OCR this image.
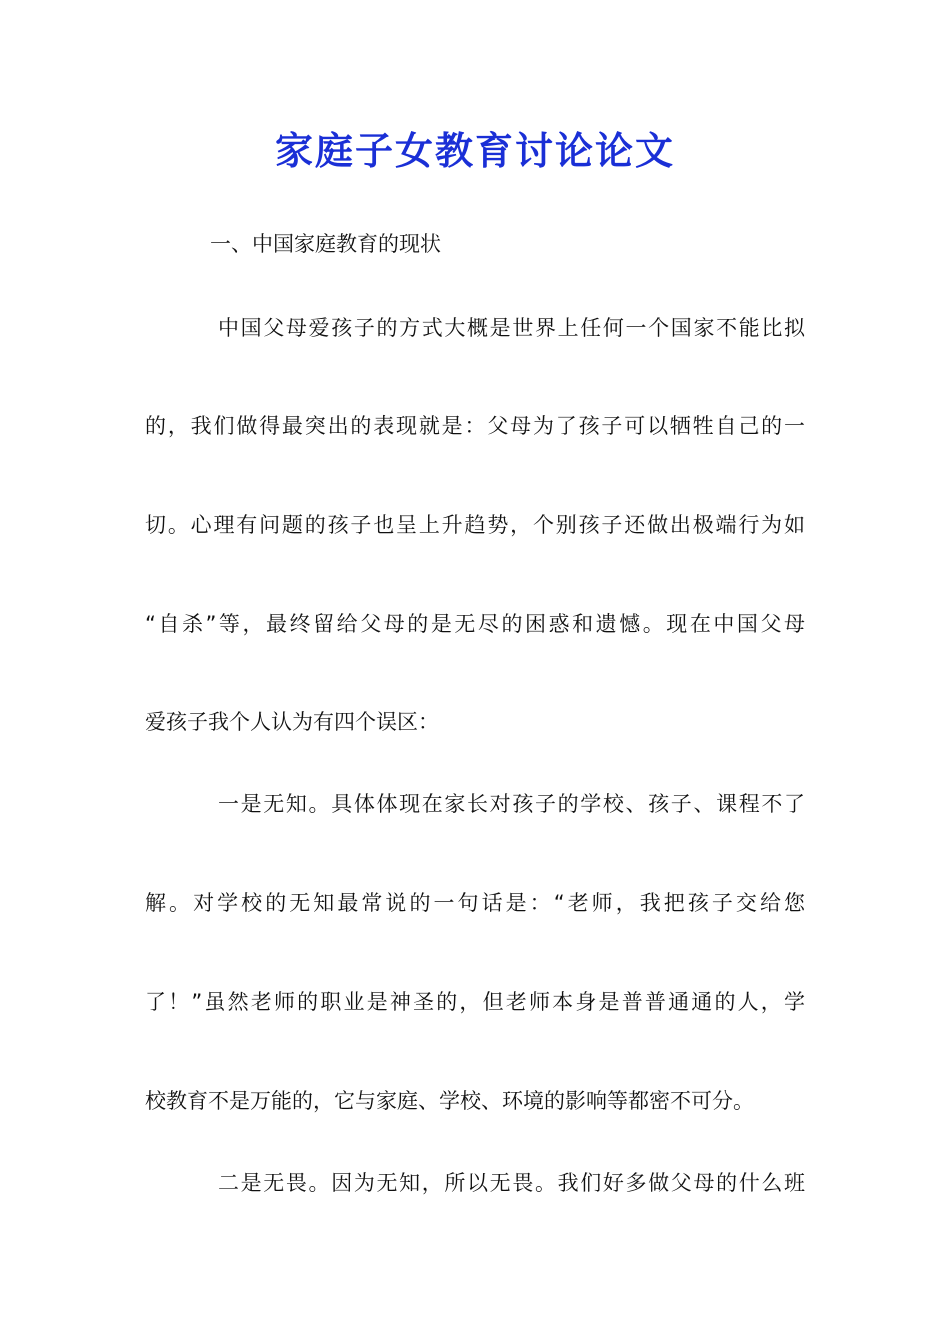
家庭子女教育讨论论文

一、中国家庭教育的现状

中国父母爱孩子的方式大概是世界上任何一个国家不能比拟

的，我们做得最突出的表现就是：父母为了孩子可以牺牲自己的一

切。心理有问题的孩子也呈上升趋势，个别孩子还做出极端行为如

“自杀”等，最终留给父母的是无尽的困惑和遗憾。现在中国父母

爱孩子我个人认为有四个误区：

一是无知。具体体现在家长对孩子的学校、孩子、课程不了

解。对学校的无知最常说的一句话是：“老师，我把孩子交给您

了！”虽然老师的职业是神圣的，但老师本身是普普通通的人，学

校教育不是万能的，它与家庭、学校、环境的影响等都密不可分。

二是无畏。因为无知，所以无畏。我们好多做父母的什么班
